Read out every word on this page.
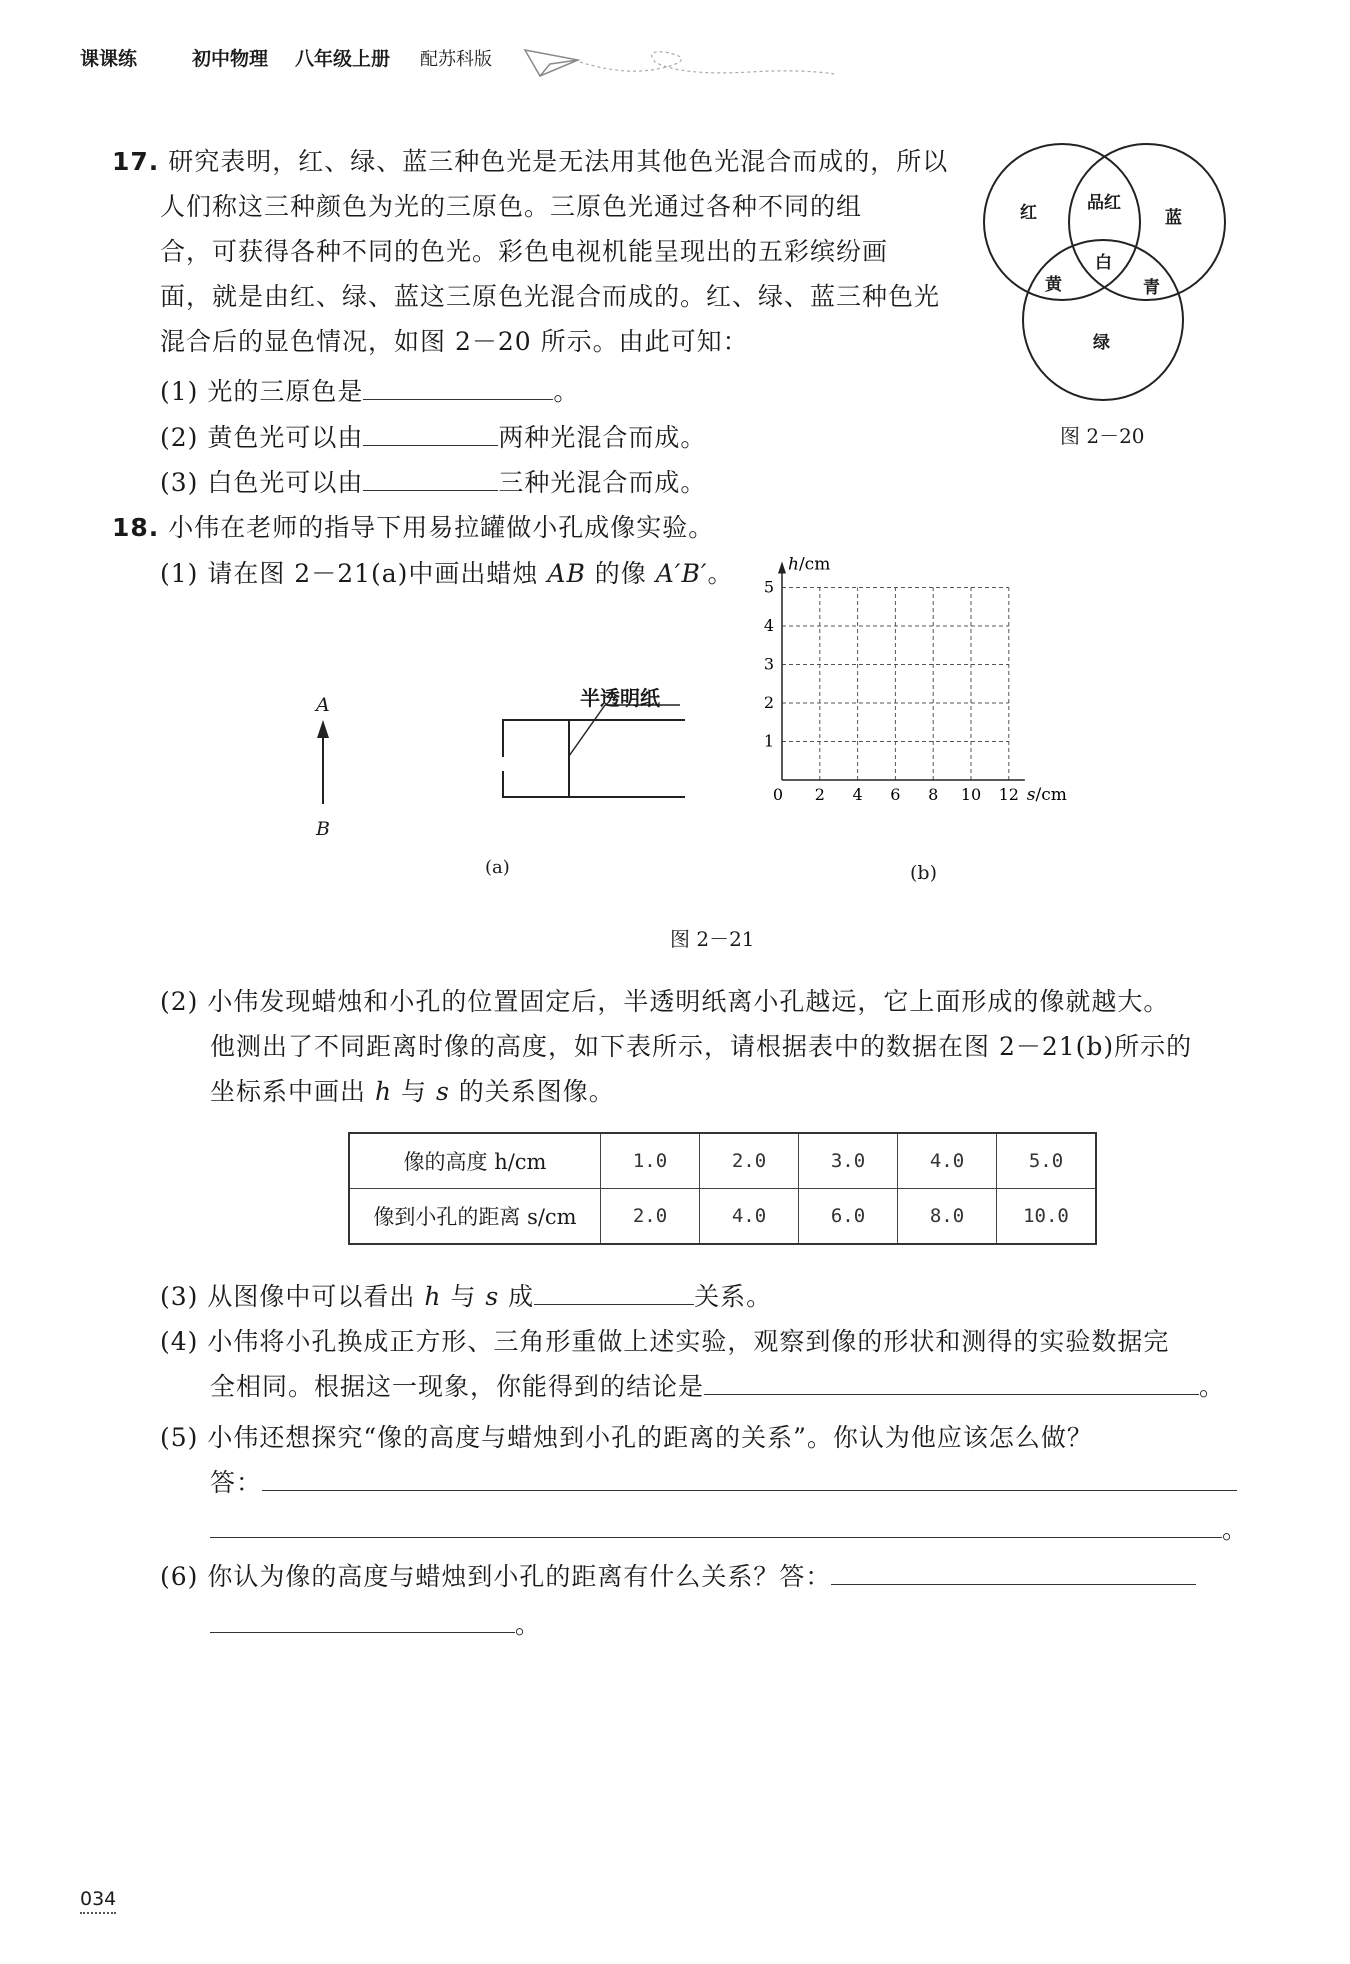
课课练	初中物理 八年级上册 配苏科版
17. 研究表明，红、绿、蓝三种色光是无法用其他色光混合而成的，所以
人们称这三种颜色为光的三原色。三原色光通过各种不同的组
合，可获得各种不同的色光。彩色电视机能呈现出的五彩缤纷画
面，就是由红、绿、蓝这三原色光混合而成的。红、绿、蓝三种色光
混合后的显色情况，如图 2－20 所示。由此可知：
(1) 光的三原色是	。
(2) 黄色光可以由	两种光混合而成。
(3) 白色光可以由	三种光混合而成。
红	品红
蓝
黄
白
青
绿
图 2－20
18. 小伟在老师的指导下用易拉罐做小孔成像实验。
(1) 请在图 2－21(a)中画出蜡烛 AB 的像 A′B′。
A
B
半透明纸
(a)
0 2 4 6 8 10 12
1
2
3
4
5
h/cm
s/cm
(b)
图 2－21
(2) 小伟发现蜡烛和小孔的位置固定后，半透明纸离小孔越远，它上面形成的像就越大。
他测出了不同距离时像的高度，如下表所示，请根据表中的数据在图 2－21(b)所示的
坐标系中画出 h 与 s 的关系图像。
像的高度 h/cm	1.0	2.0	3.0	4.0	5.0
像到小孔的距离 s/cm	2.0	4.0	6.0	8.0	10.0
(3) 从图像中可以看出 h 与 s 成	关系。
(4) 小伟将小孔换成正方形、三角形重做上述实验，观察到像的形状和测得的实验数据完
全相同。根据这一现象，你能得到的结论是	。
(5) 小伟还想探究“像的高度与蜡烛到小孔的距离的关系”。你认为他应该怎么做？
答：
。
(6) 你认为像的高度与蜡烛到小孔的距离有什么关系？答：
。
034
